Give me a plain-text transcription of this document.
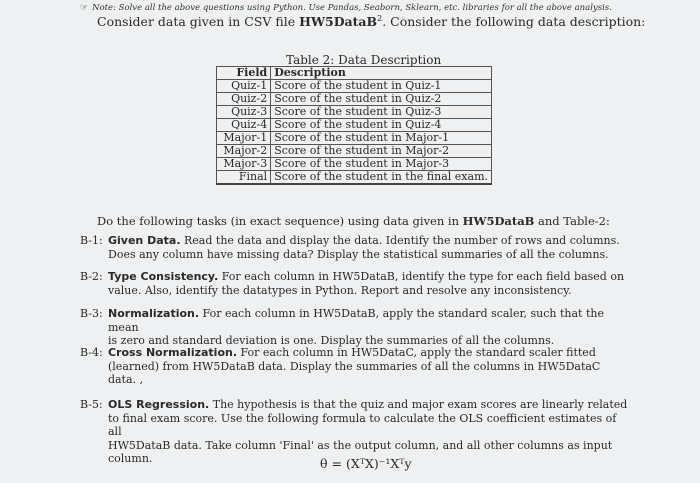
☞ Note: Solve all the above questions using Python. Use Pandas, Seaborn, Sklearn, etc. libraries for all the above analysis.
Consider data given in CSV file HW5DataB$^2$. Consider the following data description:
Table 2: Data Description
Field	Description
Quiz-1	Score of the student in Quiz-1
Quiz-2	Score of the student in Quiz-2
Quiz-3	Score of the student in Quiz-3
Quiz-4	Score of the student in Quiz-4
Major-1	Score of the student in Major-1
Major-2	Score of the student in Major-2
Major-3	Score of the student in Major-3
Final	Score of the student in the final exam.
Do the following tasks (in exact sequence) using data given in HW5DataB and Table-2:
B-1: Given Data. Read the data and display the data. Identify the number of rows and columns.
Does any column have missing data? Display the statistical summaries of all the columns.
B-2: Type Consistency. For each column in HW5DataB, identify the type for each field based on
value. Also, identify the datatypes in Python. Report and resolve any inconsistency.
B-3: Normalization. For each column in HW5DataB, apply the standard scaler, such that the mean
is zero and standard deviation is one. Display the summaries of all the columns.
B-4: Cross Normalization. For each column in HW5DataC, apply the standard scaler fitted
(learned) from HW5DataB data. Display the summaries of all the columns in HW5DataC
data. ,
B-5: OLS Regression. The hypothesis is that the quiz and major exam scores are linearly related
to final exam score. Use the following formula to calculate the OLS coefficient estimates of all
HW5DataB data. Take column 'Final' as the output column, and all other columns as input
column.	θ = (XᵀX)⁻¹Xᵀy
